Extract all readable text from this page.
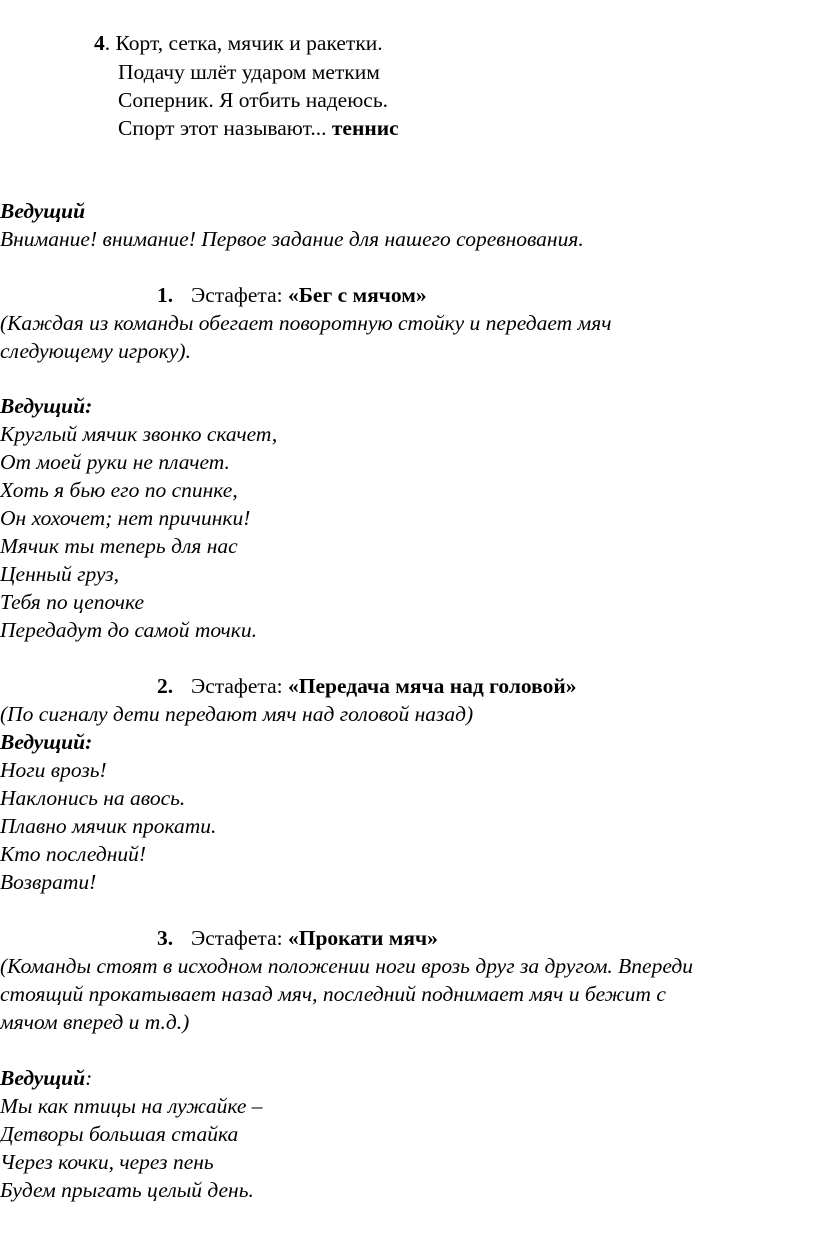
4. Корт, сетка, мячик и ракетки.
Подачу шлёт ударом метким
Соперник. Я отбить надеюсь.
Спорт этот называют... теннис
Ведущий
Внимание! внимание! Первое задание для нашего соревнования.
1. Эстафета: «Бег с мячом»
(Каждая из команды обегает поворотную стойку и передает мяч
следующему игроку).
Ведущий:
Круглый мячик звонко скачет,
От моей руки не плачет.
Хоть я бью его по спинке,
Он хохочет; нет причинки!
Мячик ты теперь для нас
Ценный груз,
Тебя по цепочке
Передадут до самой точки.
2. Эстафета: «Передача мяча над головой»
(По сигналу дети передают мяч над головой назад)
Ведущий:
Ноги врозь!
Наклонись на авось.
Плавно мячик прокати.
Кто последний!
Возврати!
3. Эстафета: «Прокати мяч»
(Команды стоят в исходном положении ноги врозь друг за другом. Впереди
стоящий прокатывает назад мяч, последний поднимает мяч и бежит с
мячом вперед и т.д.)
Ведущий:
Мы как птицы на лужайке –
Детворы большая стайка
Через кочки, через пень
Будем прыгать целый день.
